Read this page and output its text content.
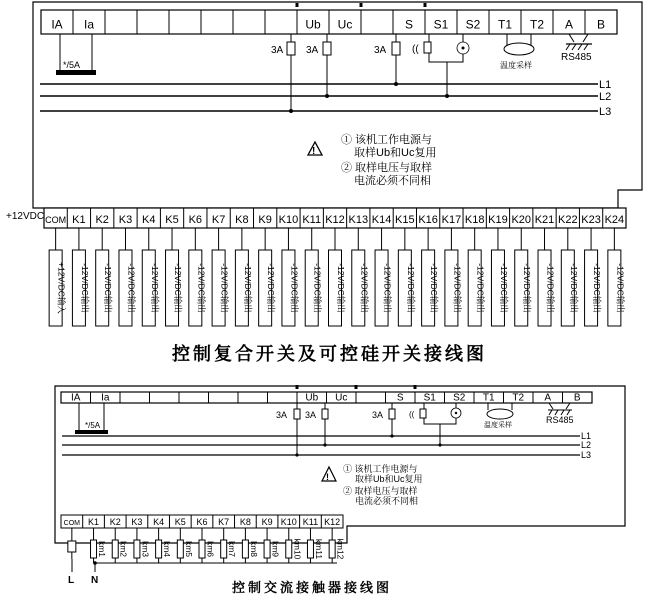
IA Ia	Ub Uc	S S1 S2 T1 T2 A B
*/5A
L1
L2
L3
3A 3A	3A	((
温度采样
RS485
!
① 该机工作电源与
取样Ub和Uc复用
② 取样电压与取样
电流必须不同相
+12VDC COM K1 K2 K3 K4 K5 K6 K7 K8 K9 K10 K11 K12 K13 K14 K15 K16 K17 K18 K19 K20 K21 K22 K23 K24
+12V/DC输入 -12V/DC输出 -12V/DC输出 -12V/DC输出 -12V/DC输出 -12V/DC输出 -12V/DC输出 -12V/DC输出 -12V/DC输出 -12V/DC输出 -12V/DC输出 -12V/DC输出 -12V/DC输出 -12V/DC输出 -12V/DC输出 -12V/DC输出 -12V/DC输出 -12V/DC输出 -12V/DC输出 -12V/DC输出 -12V/DC输出 -12V/DC输出 -12V/DC输出 -12V/DC输出 -12V/DC输出
控制复合开关及可控硅开关接线图
IA Ia	Ub Uc	S S1 S2 T1 T2 A B
*/5A
L1
L2
L3
3A 3A	3A	((
温度采样
RS485
!
① 该机工作电源与
取样Ub和Uc复用
② 取样电压与取样
电流必须不同相
COM K1 K2 K3 K4 K5 K6 K7 K8 K9 K10 K11 K12
km1 km2 km3 km4 km5 km6 km7 km8 km9 km10 km11 km12
L N	控制交流接触器接线图
